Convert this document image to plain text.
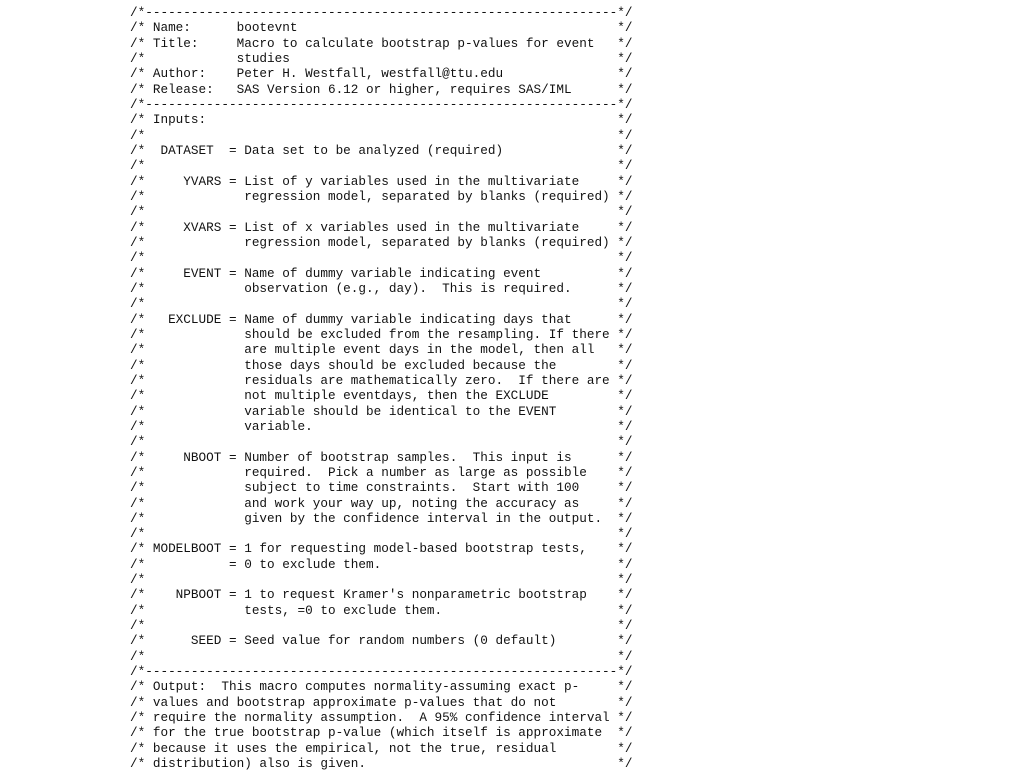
/*--------------------------------------------------------------*/
/* Name:      bootevnt                                          */
/* Title:     Macro to calculate bootstrap p-values for event   */
/*            studies                                           */
/* Author:    Peter H. Westfall, westfall@ttu.edu               */
/* Release:   SAS Version 6.12 or higher, requires SAS/IML      */
/*--------------------------------------------------------------*/
/* Inputs:                                                      */
/*                                                              */
/*  DATASET  = Data set to be analyzed (required)               */
/*                                                              */
/*     YVARS = List of y variables used in the multivariate     */
/*             regression model, separated by blanks (required) */
/*                                                              */
/*     XVARS = List of x variables used in the multivariate     */
/*             regression model, separated by blanks (required) */
/*                                                              */
/*     EVENT = Name of dummy variable indicating event          */
/*             observation (e.g., day).  This is required.      */
/*                                                              */
/*   EXCLUDE = Name of dummy variable indicating days that      */
/*             should be excluded from the resampling. If there */
/*             are multiple event days in the model, then all   */
/*             those days should be excluded because the        */
/*             residuals are mathematically zero.  If there are */
/*             not multiple eventdays, then the EXCLUDE         */
/*             variable should be identical to the EVENT        */
/*             variable.                                        */
/*                                                              */
/*     NBOOT = Number of bootstrap samples.  This input is      */
/*             required.  Pick a number as large as possible    */
/*             subject to time constraints.  Start with 100     */
/*             and work your way up, noting the accuracy as     */
/*             given by the confidence interval in the output.  */
/*                                                              */
/* MODELBOOT = 1 for requesting model-based bootstrap tests,    */
/*           = 0 to exclude them.                               */
/*                                                              */
/*    NPBOOT = 1 to request Kramer's nonparametric bootstrap    */
/*             tests, =0 to exclude them.                       */
/*                                                              */
/*      SEED = Seed value for random numbers (0 default)        */
/*                                                              */
/*--------------------------------------------------------------*/
/* Output:  This macro computes normality-assuming exact p-     */
/* values and bootstrap approximate p-values that do not        */
/* require the normality assumption.  A 95% confidence interval */
/* for the true bootstrap p-value (which itself is approximate  */
/* because it uses the empirical, not the true, residual        */
/* distribution) also is given.                                 */
